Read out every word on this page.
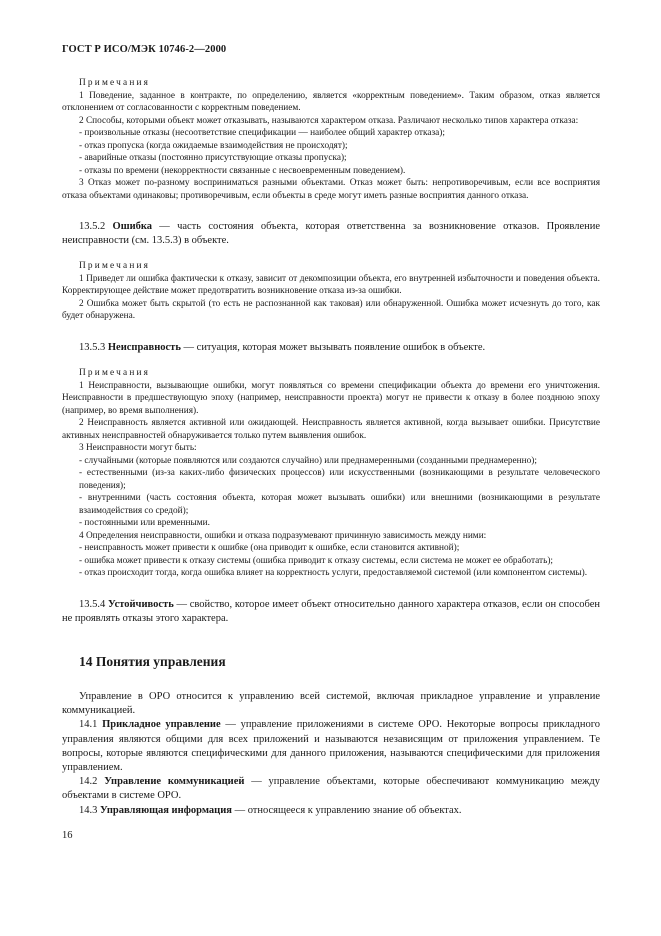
ГОСТ Р ИСО/МЭК 10746-2—2000

Примечания

1 Поведение, заданное в контракте, по определению, является «корректным поведением». Таким образом, отказ является отклонением от согласованности с корректным поведением.

2 Способы, которыми объект может отказывать, называются характером отказа. Различают несколько типов характера отказа:

- произвольные отказы (несоответствие спецификации — наиболее общий характер отказа);

- отказ пропуска (когда ожидаемые взаимодействия не происходят);

- аварийные отказы (постоянно присутствующие отказы пропуска);

- отказы по времени (некорректности связанные с несвоевременным поведением).

3 Отказ может по-разному восприниматься разными объектами. Отказ может быть: непротиворечивым, если все восприятия отказа объектами одинаковы; противоречивым, если объекты в среде могут иметь разные восприятия данного отказа.

13.5.2 Ошибка — часть состояния объекта, которая ответственна за возникновение отказов. Проявление неисправности (см. 13.5.3) в объекте.

Примечания

1 Приведет ли ошибка фактически к отказу, зависит от декомпозиции объекта, его внутренней избыточности и поведения объекта. Корректирующее действие может предотвратить возникновение отказа из-за ошибки.

2 Ошибка может быть скрытой (то есть не распознанной как таковая) или обнаруженной. Ошибка может исчезнуть до того, как будет обнаружена.

13.5.3 Неисправность — ситуация, которая может вызывать появление ошибок в объекте.

Примечания

1 Неисправности, вызывающие ошибки, могут появляться со времени спецификации объекта до времени его уничтожения. Неисправности в предшествующую эпоху (например, неисправности проекта) могут не привести к отказу в более позднюю эпоху (например, во время выполнения).

2 Неисправность является активной или ожидающей. Неисправность является активной, когда вызывает ошибки. Присутствие активных неисправностей обнаруживается только путем выявления ошибок.

3 Неисправности могут быть:

- случайными (которые появляются или создаются случайно) или преднамеренными (созданными преднамеренно);

- естественными (из-за каких-либо физических процессов) или искусственными (возникающими в результате человеческого поведения);

- внутренними (часть состояния объекта, которая может вызывать ошибки) или внешними (возникающими в результате взаимодействия со средой);

- постоянными или временными.

4 Определения неисправности, ошибки и отказа подразумевают причинную зависимость между ними:

- неисправность может привести к ошибке (она приводит к ошибке, если становится активной);

- ошибка может привести к отказу системы (ошибка приводит к отказу системы, если система не может ее обработать);

- отказ происходит тогда, когда ошибка влияет на корректность услуги, предоставляемой системой (или компонентом системы).

13.5.4 Устойчивость — свойство, которое имеет объект относительно данного характера отказов, если он способен не проявлять отказы этого характера.

14 Понятия управления

Управление в ОРО относится к управлению всей системой, включая прикладное управление и управление коммуникацией.

14.1 Прикладное управление — управление приложениями в системе ОРО. Некоторые вопросы прикладного управления являются общими для всех приложений и называются независящим от приложения управлением. Те вопросы, которые являются специфическими для данного приложения, называются специфическими для приложения управлением.

14.2 Управление коммуникацией — управление объектами, которые обеспечивают коммуникацию между объектами в системе ОРО.

14.3 Управляющая информация — относящееся к управлению знание об объектах.

16
